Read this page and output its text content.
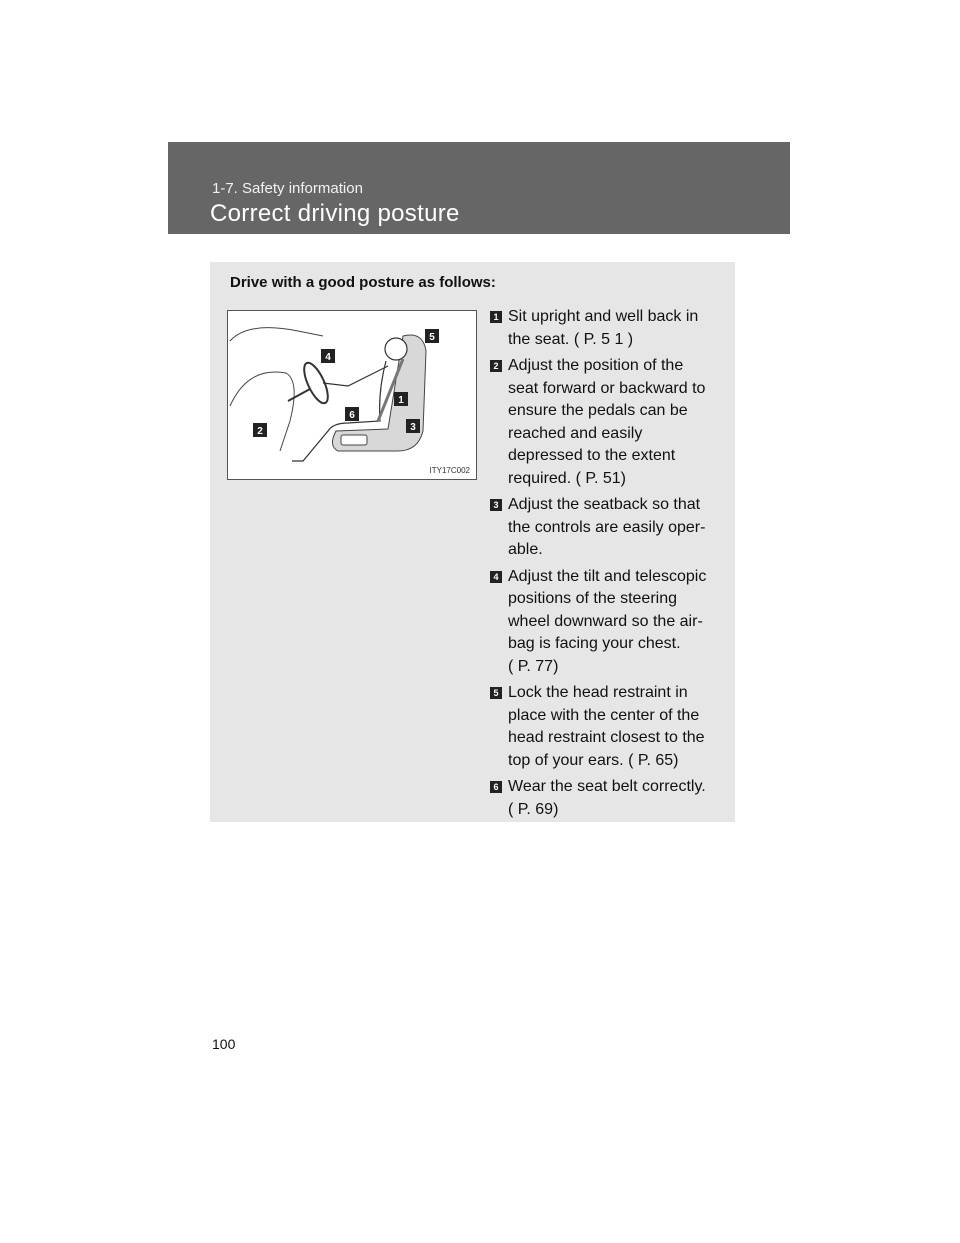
1-7. Safety information
Correct driving posture
Drive with a good posture as follows:
1
2	3
4
5
6
ITY17C002
1 Sit upright and well back in
the seat. ( P. 5 1 )
2 Adjust the position of the
seat forward or backward to
ensure the pedals can be
reached and easily
depressed to the extent
required. ( P. 51)
3 Adjust the seatback so that
the controls are easily oper-
able.
4 Adjust the tilt and telescopic
positions of the steering
wheel downward so the air-
bag is facing your chest.
( P. 77)
5 Lock the head restraint in
place with the center of the
head restraint closest to the
top of your ears. ( P. 65)
6 Wear the seat belt correctly.
( P. 69)
100
